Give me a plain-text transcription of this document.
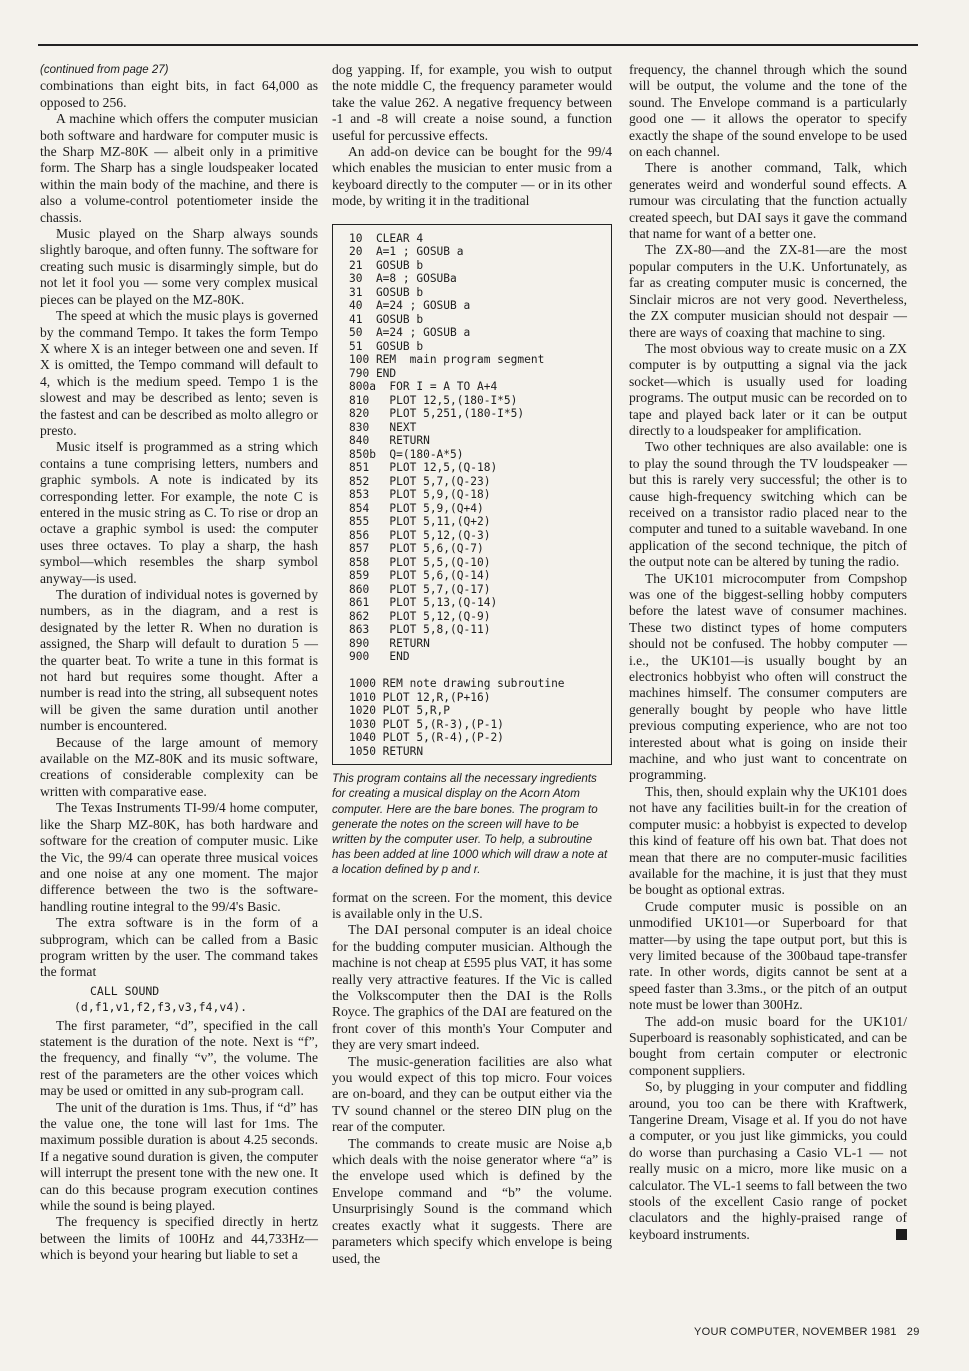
(continued from page 27)

combinations than eight bits, in fact 64,000 as opposed to 256.

A machine which offers the computer musician both software and hardware for computer music is the Sharp MZ-80K — albeit only in a primitive form. The Sharp has a single loudspeaker located within the main body of the machine, and there is also a volume-control potentiometer inside the chassis.

Music played on the Sharp always sounds slightly baroque, and often funny. The software for creating such music is disarmingly simple, but do not let it fool you — some very complex musical pieces can be played on the MZ-80K.

The speed at which the music plays is governed by the command Tempo. It takes the form Tempo X where X is an integer between one and seven. If X is omitted, the Tempo command will default to 4, which is the medium speed. Tempo 1 is the slowest and may be described as lento; seven is the fastest and can be described as molto allegro or presto.

Music itself is programmed as a string which contains a tune comprising letters, numbers and graphic symbols. A note is indicated by its corresponding letter. For example, the note C is entered in the music string as C. To rise or drop an octave a graphic symbol is used: the computer uses three octaves. To play a sharp, the hash symbol—which resembles the sharp symbol anyway—is used.

The duration of individual notes is governed by numbers, as in the diagram, and a rest is designated by the letter R. When no duration is assigned, the Sharp will default to duration 5 — the quarter beat. To write a tune in this format is not hard but requires some thought. After a number is read into the string, all subsequent notes will be given the same duration until another number is encountered.

Because of the large amount of memory available on the MZ-80K and its music software, creations of considerable complexity can be written with comparative ease.

The Texas Instruments TI-99/4 home computer, like the Sharp MZ-80K, has both hardware and software for the creation of computer music. Like the Vic, the 99/4 can operate three musical voices and one noise at any one moment. The major difference between the two is the software-handling routine integral to the 99/4's Basic.

The extra software is in the form of a subprogram, which can be called from a Basic program written by the user. The command takes the format

CALL SOUND (d,f1,v1,f2,f3,v3,f4,v4).

The first parameter, “d”, specified in the call statement is the duration of the note. Next is “f”, the frequency, and finally “v”, the volume. The rest of the parameters are the other voices which may be used or omitted in any sub-program call.

The unit of the duration is 1ms. Thus, if “d” has the value one, the tone will last for 1ms. The maximum possible duration is about 4.25 seconds. If a negative sound duration is given, the computer will interrupt the present tone with the new one. It can do this because program execution contines while the sound is being played.

The frequency is specified directly in hertz between the limits of 100Hz and 44,733Hz—which is beyond your hearing but liable to set a

dog yapping. If, for example, you wish to output the note middle C, the frequency parameter would take the value 262. A negative frequency between -1 and -8 will create a noise sound, a function useful for percussive effects.

An add-on device can be bought for the 99/4 which enables the musician to enter music from a keyboard directly to the computer — or in its other mode, by writing it in the traditional

10  CLEAR 4
20  A=1 ; GOSUB a
21  GOSUB b
30  A=8 ; GOSUBa
31  GOSUB b
40  A=24 ; GOSUB a
41  GOSUB b
50  A=24 ; GOSUB a
51  GOSUB b
100 REM  main program segment
790 END
800a  FOR I = A TO A+4
810   PLOT 12,5,(180-I*5)
820   PLOT 5,251,(180-I*5)
830   NEXT
840   RETURN
850b  Q=(180-A*5)
851   PLOT 12,5,(Q-18)
852   PLOT 5,7,(Q-23)
853   PLOT 5,9,(Q-18)
854   PLOT 5,9,(Q+4)
855   PLOT 5,11,(Q+2)
856   PLOT 5,12,(Q-3)
857   PLOT 5,6,(Q-7)
858   PLOT 5,5,(Q-10)
859   PLOT 5,6,(Q-14)
860   PLOT 5,7,(Q-17)
861   PLOT 5,13,(Q-14)
862   PLOT 5,12,(Q-9)
863   PLOT 5,8,(Q-11)
890   RETURN
900   END
1000 REM note drawing subroutine
1010 PLOT 12,R,(P+16)
1020 PLOT 5,R,P
1030 PLOT 5,(R-3),(P-1)
1040 PLOT 5,(R-4),(P-2)
1050 RETURN
This program contains all the necessary ingredients for creating a musical display on the Acorn Atom computer. Here are the bare bones. The program to generate the notes on the screen will have to be written by the computer user. To help, a subroutine has been added at line 1000 which will draw a note at a location defined by p and r.

format on the screen. For the moment, this device is available only in the U.S.

The DAI personal computer is an ideal choice for the budding computer musician. Although the machine is not cheap at £595 plus VAT, it has some really very attractive features. If the Vic is called the Volkscomputer then the DAI is the Rolls Royce. The graphics of the DAI are featured on the front cover of this month's Your Computer and they are very smart indeed.

The music-generation facilities are also what you would expect of this top micro. Four voices are on-board, and they can be output either via the TV sound channel or the stereo DIN plug on the rear of the computer.

The commands to create music are Noise a,b which deals with the noise generator where “a” is the envelope used which is defined by the Envelope command and “b” the volume. Unsurprisingly Sound is the command which creates exactly what it suggests. There are parameters which specify which envelope is being used, the

frequency, the channel through which the sound will be output, the volume and the tone of the sound. The Envelope command is a particularly good one — it allows the operator to specify exactly the shape of the sound envelope to be used on each channel.

There is another command, Talk, which generates weird and wonderful sound effects. A rumour was circulating that the function actually created speech, but DAI says it gave the command that name for want of a better one.

The ZX-80—and the ZX-81—are the most popular computers in the U.K. Unfortunately, as far as creating computer music is concerned, the Sinclair micros are not very good. Nevertheless, the ZX computer musician should not despair — there are ways of coaxing that machine to sing.

The most obvious way to create music on a ZX computer is by outputting a signal via the jack socket—which is usually used for loading programs. The output music can be recorded on to tape and played back later or it can be output directly to a loudspeaker for amplification.

Two other techniques are also available: one is to play the sound through the TV loudspeaker —but this is rarely very successful; the other is to cause high-frequency switching which can be received on a transistor radio placed near to the computer and tuned to a suitable waveband. In one application of the second technique, the pitch of the output note can be altered by tuning the radio.

The UK101 microcomputer from Compshop was one of the biggest-selling hobby computers before the latest wave of consumer machines. These two distinct types of home computers should not be confused. The hobby computer — i.e., the UK101—is usually bought by an electronics hobbyist who often will construct the machines himself. The consumer computers are generally bought by people who have little previous computing experience, who are not too interested about what is going on inside their machine, and who just want to concentrate on programming.

This, then, should explain why the UK101 does not have any facilities built-in for the creation of computer music: a hobbyist is expected to develop this kind of feature off his own bat. That does not mean that there are no computer-music facilities available for the machine, it is just that they must be bought as optional extras.

Crude computer music is possible on an unmodified UK101—or Superboard for that matter—by using the tape output port, but this is very limited because of the 300baud tape-transfer rate. In other words, digits cannot be sent at a speed faster than 3.3ms., or the pitch of an output note must be lower than 300Hz.

The add-on music board for the UK101/ Superboard is reasonably sophisticated, and can be bought from certain computer or electronic component suppliers.

So, by plugging in your computer and fiddling around, you too can be there with Kraftwerk, Tangerine Dream, Visage et al. If you do not have a computer, or you just like gimmicks, you could do worse than purchasing a Casio VL-1 — not really music on a micro, more like music on a calculator. The VL-1 seems to fall between the two stools of the excellent Casio range of pocket claculators and the highly-praised range of keyboard instruments.

YOUR COMPUTER, NOVEMBER 1981 29
